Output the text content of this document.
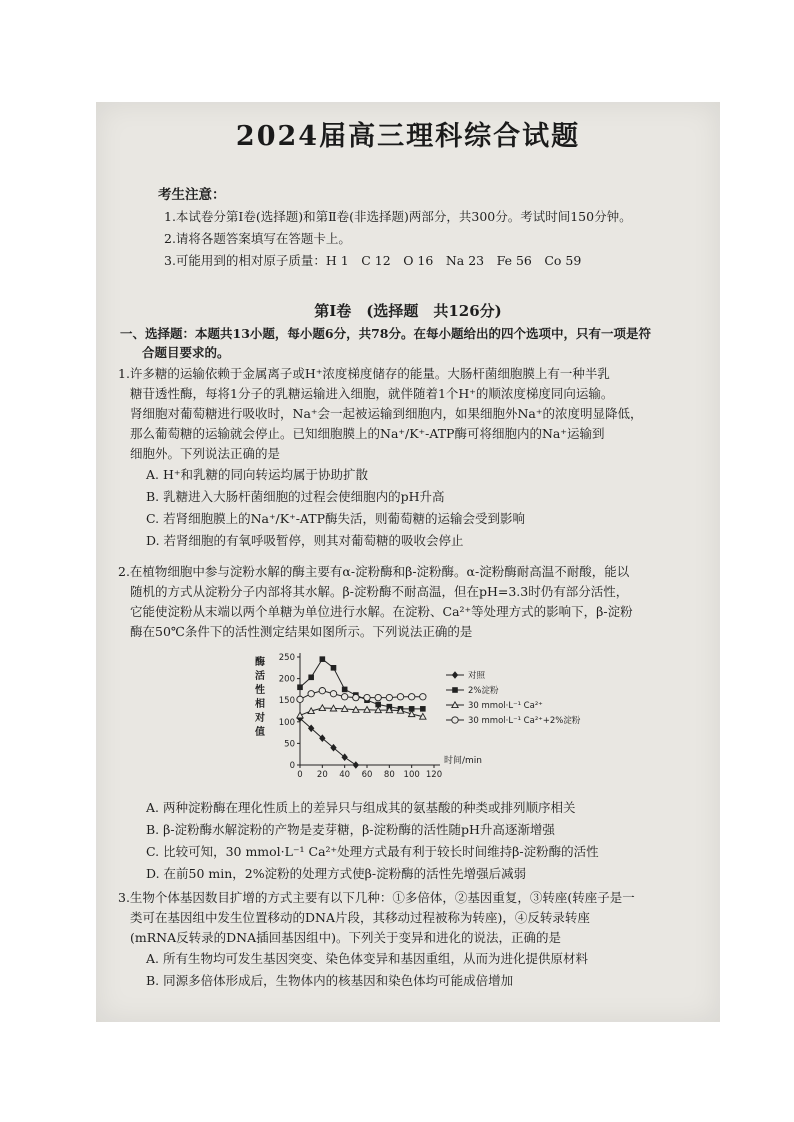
2024届高三理科综合试题
考生注意：
1.本试卷分第Ⅰ卷(选择题)和第Ⅱ卷(非选择题)两部分，共300分。考试时间150分钟。
2.请将各题答案填写在答题卡上。
3.可能用到的相对原子质量：H 1　C 12　O 16　Na 23　Fe 56　Co 59
第Ⅰ卷　(选择题　共126分)
一、选择题：本题共13小题，每小题6分，共78分。在每小题给出的四个选项中，只有一项是符
合题目要求的。

1.许多糖的运输依赖于金属离子或H⁺浓度梯度储存的能量。大肠杆菌细胞膜上有一种半乳

糖苷透性酶，每将1分子的乳糖运输进入细胞，就伴随着1个H⁺的顺浓度梯度同向运输。

肾细胞对葡萄糖进行吸收时，Na⁺会一起被运输到细胞内，如果细胞外Na⁺的浓度明显降低，

那么葡萄糖的运输就会停止。已知细胞膜上的Na⁺/K⁺-ATP酶可将细胞内的Na⁺运输到

细胞外。下列说法正确的是

A. H⁺和乳糖的同向转运均属于协助扩散

B. 乳糖进入大肠杆菌细胞的过程会使细胞内的pH升高

C. 若肾细胞膜上的Na⁺/K⁺-ATP酶失活，则葡萄糖的运输会受到影响

D. 若肾细胞的有氧呼吸暂停，则其对葡萄糖的吸收会停止

2.在植物细胞中参与淀粉水解的酶主要有α-淀粉酶和β-淀粉酶。α-淀粉酶耐高温不耐酸，能以

随机的方式从淀粉分子内部将其水解。β-淀粉酶不耐高温，但在pH=3.3时仍有部分活性，

它能使淀粉从末端以两个单糖为单位进行水解。在淀粉、Ca²⁺等处理方式的影响下，β-淀粉

酶在50℃条件下的活性测定结果如图所示。下列说法正确的是

0 20 40 60 80 100 120
0
50
100
150
200
250
酶
活
性
相
对
值
时间/min
对照
2%淀粉
30 mmol·L⁻¹ Ca²⁺
30 mmol·L⁻¹ Ca²⁺+2%淀粉

A. 两种淀粉酶在理化性质上的差异只与组成其的氨基酸的种类或排列顺序相关

B. β-淀粉酶水解淀粉的产物是麦芽糖，β-淀粉酶的活性随pH升高逐渐增强

C. 比较可知，30 mmol·L⁻¹ Ca²⁺处理方式最有利于较长时间维持β-淀粉酶的活性

D. 在前50 min，2%淀粉的处理方式使β-淀粉酶的活性先增强后减弱

3.生物个体基因数目扩增的方式主要有以下几种：①多倍体，②基因重复，③转座(转座子是一

类可在基因组中发生位置移动的DNA片段，其移动过程被称为转座)，④反转录转座

(mRNA反转录的DNA插回基因组中)。下列关于变异和进化的说法，正确的是

A. 所有生物均可发生基因突变、染色体变异和基因重组，从而为进化提供原材料

B. 同源多倍体形成后，生物体内的核基因和染色体均可能成倍增加
